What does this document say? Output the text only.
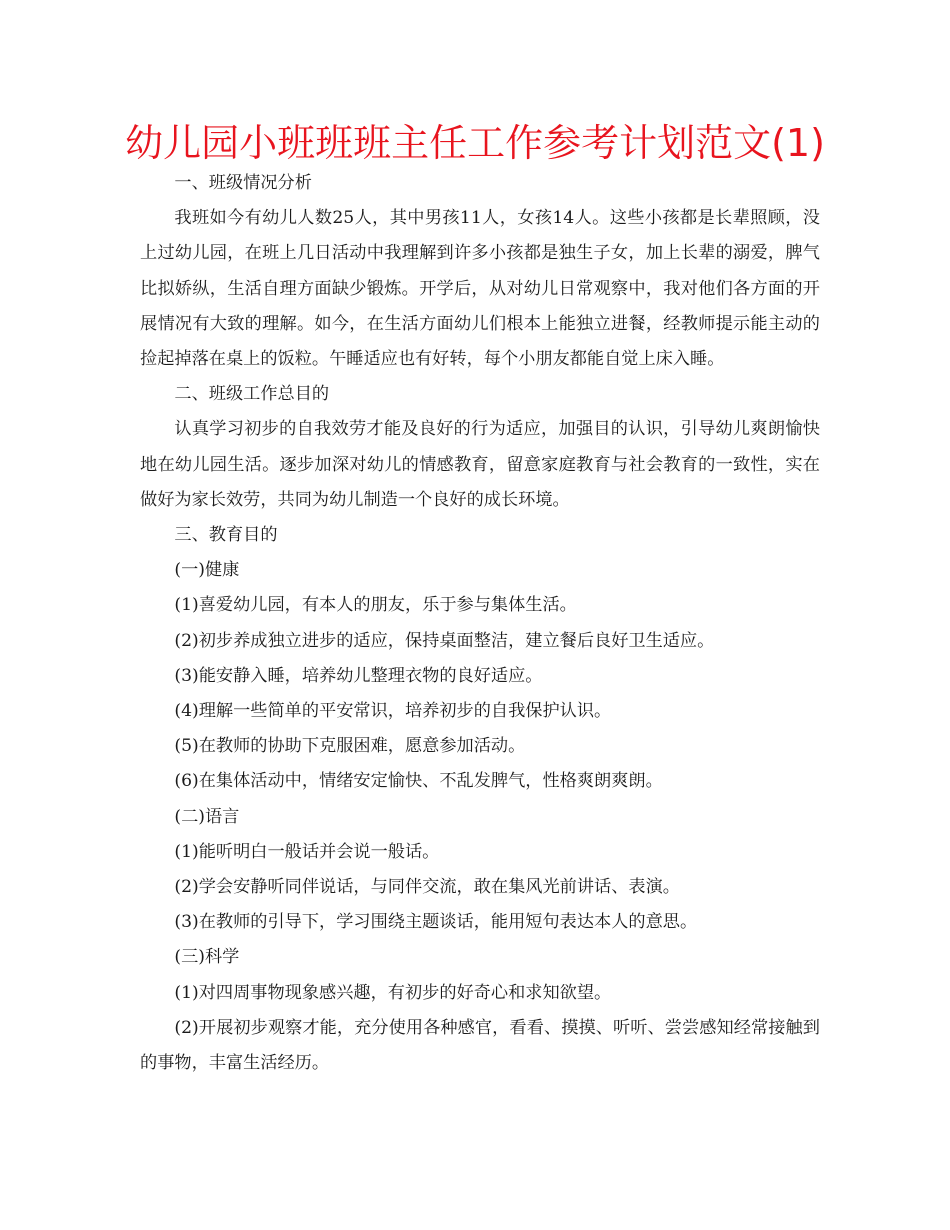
幼儿园小班班班主任工作参考计划范文(1)

一、班级情况分析

我班如今有幼儿人数25人，其中男孩11人，女孩14人。这些小孩都是长辈照顾，没上过幼儿园，在班上几日活动中我理解到许多小孩都是独生子女，加上长辈的溺爱，脾气比拟娇纵，生活自理方面缺少锻炼。开学后，从对幼儿日常观察中，我对他们各方面的开展情况有大致的理解。如今，在生活方面幼儿们根本上能独立进餐，经教师提示能主动的捡起掉落在桌上的饭粒。午睡适应也有好转，每个小朋友都能自觉上床入睡。

二、班级工作总目的

认真学习初步的自我效劳才能及良好的行为适应，加强目的认识，引导幼儿爽朗愉快地在幼儿园生活。逐步加深对幼儿的情感教育，留意家庭教育与社会教育的一致性，实在做好为家长效劳，共同为幼儿制造一个良好的成长环境。

三、教育目的

(一)健康

(1)喜爱幼儿园，有本人的朋友，乐于参与集体生活。

(2)初步养成独立进步的适应，保持桌面整洁，建立餐后良好卫生适应。

(3)能安静入睡，培养幼儿整理衣物的良好适应。

(4)理解一些简单的平安常识，培养初步的自我保护认识。

(5)在教师的协助下克服困难，愿意参加活动。

(6)在集体活动中，情绪安定愉快、不乱发脾气，性格爽朗爽朗。

(二)语言

(1)能听明白一般话并会说一般话。

(2)学会安静听同伴说话，与同伴交流，敢在集风光前讲话、表演。

(3)在教师的引导下，学习围绕主题谈话，能用短句表达本人的意思。

(三)科学

(1)对四周事物现象感兴趣，有初步的好奇心和求知欲望。

(2)开展初步观察才能，充分使用各种感官，看看、摸摸、听听、尝尝感知经常接触到的事物，丰富生活经历。
